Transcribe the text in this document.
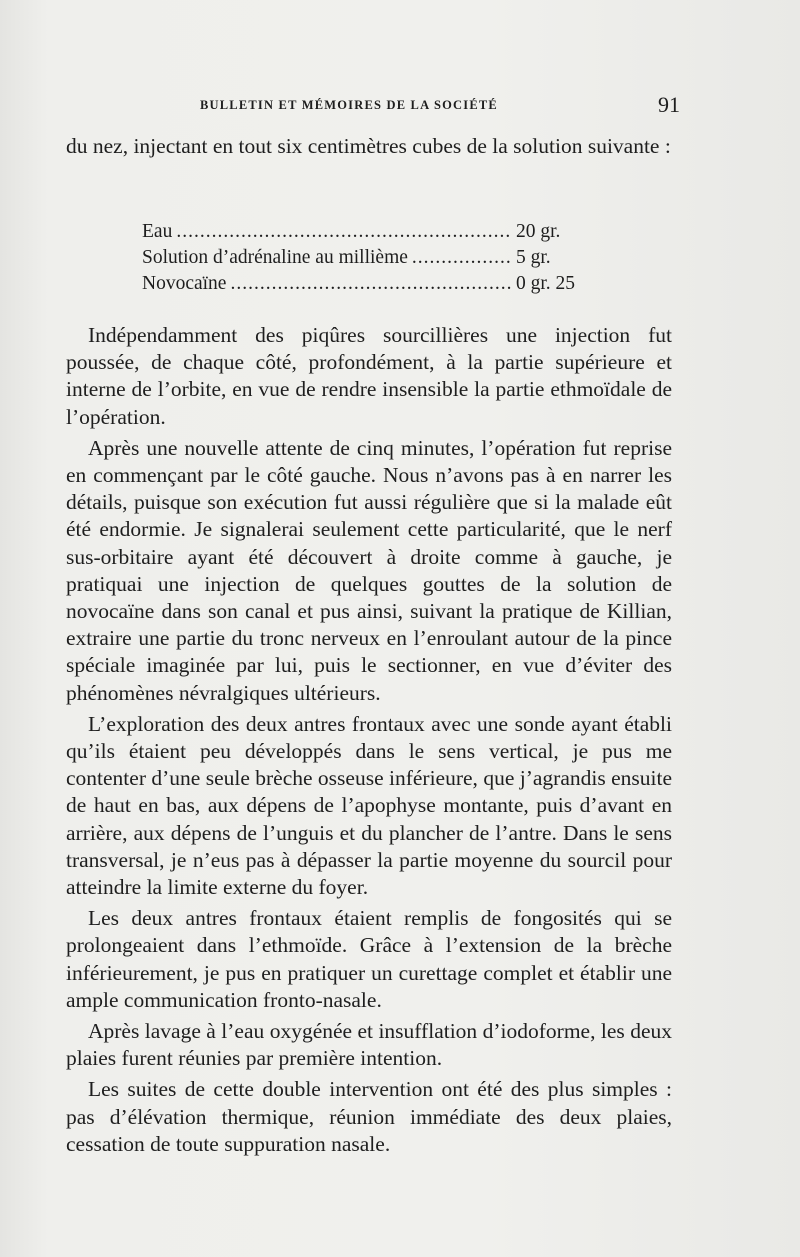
BULLETIN ET MÉMOIRES DE LA SOCIÉTÉ	91

du nez, injectant en tout six centimètres cubes de la solution suivante :

Eau .....	20 gr.
Solution d’adrénaline au millième .....	5 gr.
Novocaïne .....	0 gr. 25

Indépendamment des piqûres sourcillières une injection fut poussée, de chaque côté, profondément, à la partie supérieure et interne de l’orbite, en vue de rendre insensible la partie ethmoïdale de l’opération.

Après une nouvelle attente de cinq minutes, l’opération fut reprise en commençant par le côté gauche. Nous n’avons pas à en narrer les détails, puisque son exécution fut aussi régulière que si la malade eût été endormie. Je signalerai seulement cette particularité, que le nerf sus-orbitaire ayant été découvert à droite comme à gauche, je pratiquai une injection de quelques gouttes de la solution de novocaïne dans son canal et pus ainsi, suivant la pratique de Killian, extraire une partie du tronc nerveux en l’enroulant autour de la pince spéciale imaginée par lui, puis le sectionner, en vue d’éviter des phénomènes névralgiques ultérieurs.

L’exploration des deux antres frontaux avec une sonde ayant établi qu’ils étaient peu développés dans le sens vertical, je pus me contenter d’une seule brèche osseuse inférieure, que j’agrandis ensuite de haut en bas, aux dépens de l’apophyse montante, puis d’avant en arrière, aux dépens de l’unguis et du plancher de l’antre. Dans le sens transversal, je n’eus pas à dépasser la partie moyenne du sourcil pour atteindre la limite externe du foyer.

Les deux antres frontaux étaient remplis de fongosités qui se prolongeaient dans l’ethmoïde. Grâce à l’extension de la brèche inférieurement, je pus en pratiquer un curettage complet et établir une ample communication fronto-nasale.

Après lavage à l’eau oxygénée et insufflation d’iodoforme, les deux plaies furent réunies par première intention.

Les suites de cette double intervention ont été des plus simples : pas d’élévation thermique, réunion immédiate des deux plaies, cessation de toute suppuration nasale.
